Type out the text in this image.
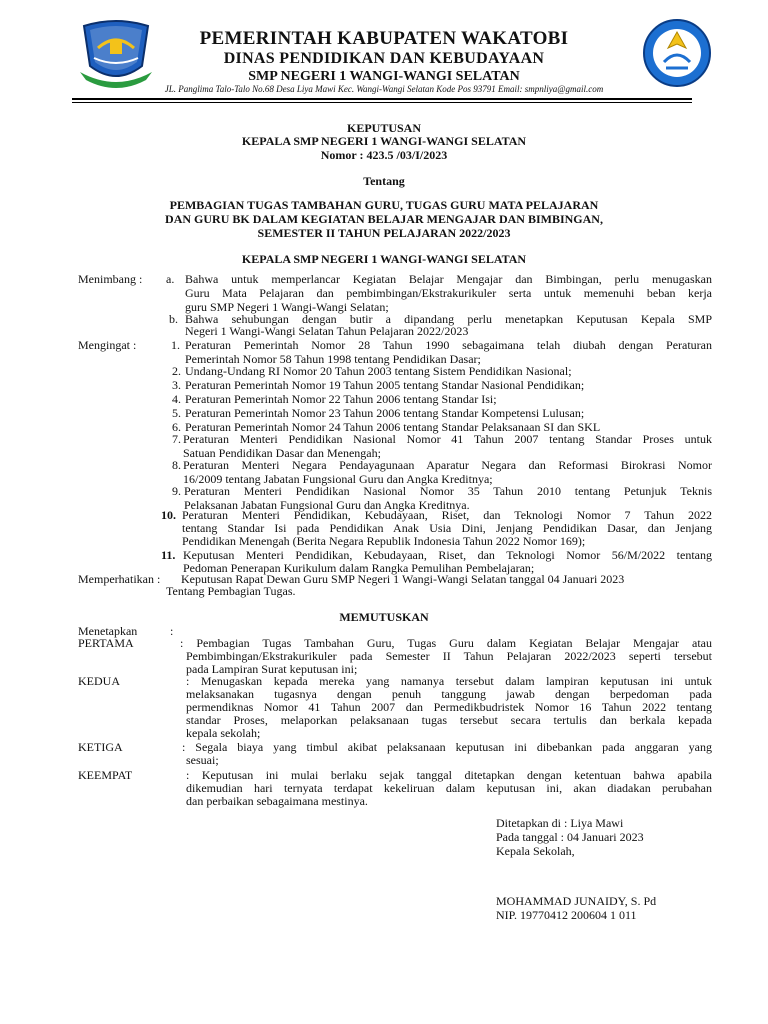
PEMERINTAH KABUPATEN WAKATOBI
DINAS PENDIDIKAN DAN KEBUDAYAAN
SMP NEGERI 1 WANGI-WANGI SELATAN
JL. Panglima Talo-Talo No.68 Desa Liya Mawi Kec. Wangi-Wangi Selatan Kode Pos 93791 Email: smpnliya@gmail.com
KEPUTUSAN
KEPALA SMP NEGERI 1 WANGI-WANGI SELATAN
Nomor : 423.5 /03/I/2023
Tentang
PEMBAGIAN TUGAS TAMBAHAN GURU, TUGAS GURU MATA PELAJARAN
DAN GURU BK DALAM KEGIATAN BELAJAR MENGAJAR DAN BIMBINGAN,
SEMESTER II TAHUN PELAJARAN 2022/2023
KEPALA SMP NEGERI 1 WANGI-WANGI SELATAN
Menimbang : a. Bahwa untuk memperlancar Kegiatan Belajar Mengajar dan Bimbingan, perlu menugaskan
Guru Mata Pelajaran dan pembimbingan/Ekstrakurikuler serta untuk memenuhi beban kerja
guru SMP Negeri 1 Wangi-Wangi Selatan;
b. Bahwa sehubungan dengan butir a dipandang perlu menetapkan Keputusan Kepala SMP
Negeri 1 Wangi-Wangi Selatan Tahun Pelajaran 2022/2023
Mengingat :	1. Peraturan Pemerintah Nomor 28 Tahun 1990 sebagaimana telah diubah dengan Peraturan
Pemerintah Nomor 58 Tahun 1998 tentang Pendidikan Dasar;
2. Undang-Undang RI Nomor 20 Tahun 2003 tentang Sistem Pendidikan Nasional;
3. Peraturan Pemerintah Nomor 19 Tahun 2005 tentang Standar Nasional Pendidikan;
4. Peraturan Pemerintah Nomor 22 Tahun 2006 tentang Standar Isi;
5. Peraturan Pemerintah Nomor 23 Tahun 2006 tentang Standar Kompetensi Lulusan;
6. Peraturan Pemerintah Nomor 24 Tahun 2006 tentang Standar Pelaksanaan SI dan SKL
7. Peraturan Menteri Pendidikan Nasional Nomor 41 Tahun 2007 tentang Standar Proses untuk
Satuan Pendidikan Dasar dan Menengah;
8. Peraturan Menteri Negara Pendayagunaan Aparatur Negara dan Reformasi Birokrasi Nomor
16/2009 tentang Jabatan Fungsional Guru dan Angka Kreditnya;
9. Peraturan Menteri Pendidikan Nasional Nomor 35 Tahun 2010 tentang Petunjuk Teknis
Pelaksanan Jabatan Fungsional Guru dan Angka Kreditnya.
10. Peraturan Menteri Pendidikan, Kebudayaan, Riset, dan Teknologi Nomor 7 Tahun 2022
tentang Standar Isi pada Pendidikan Anak Usia Dini, Jenjang Pendidikan Dasar, dan Jenjang
Pendidikan Menengah (Berita Negara Republik Indonesia Tahun 2022 Nomor 169);
11. Keputusan Menteri Pendidikan, Kebudayaan, Riset, dan Teknologi Nomor 56/M/2022 tentang
Pedoman Penerapan Kurikulum dalam Rangka Pemulihan Pembelajaran;
Memperhatikan : Keputusan Rapat Dewan Guru SMP Negeri 1 Wangi-Wangi Selatan tanggal 04 Januari 2023
Tentang Pembagian Tugas.
MEMUTUSKAN
Menetapkan	:
PERTAMA	: Pembagian Tugas Tambahan Guru, Tugas Guru dalam Kegiatan Belajar Mengajar atau
Pembimbingan/Ekstrakurikuler pada Semester II Tahun Pelajaran 2022/2023 seperti tersebut
pada Lampiran Surat keputusan ini;
KEDUA	: Menugaskan kepada mereka yang namanya tersebut dalam lampiran keputusan ini untuk
melaksanakan tugasnya dengan penuh tanggung jawab dengan berpedoman pada
permendiknas Nomor 41 Tahun 2007 dan Permedikbudristek Nomor 16 Tahun 2022 tentang
standar Proses, melaporkan pelaksanaan tugas tersebut secara tertulis dan berkala kepada
kepala sekolah;
KETIGA	: Segala biaya yang timbul akibat pelaksanaan keputusan ini dibebankan pada anggaran yang
sesuai;
KEEMPAT	: Keputusan ini mulai berlaku sejak tanggal ditetapkan dengan ketentuan bahwa apabila
dikemudian hari ternyata terdapat kekeliruan dalam keputusan ini, akan diadakan perubahan
dan perbaikan sebagaimana mestinya.
Ditetapkan di : Liya Mawi
Pada tanggal : 04 Januari 2023
Kepala Sekolah,
MOHAMMAD JUNAIDY, S. Pd
NIP. 19770412 200604 1 011
